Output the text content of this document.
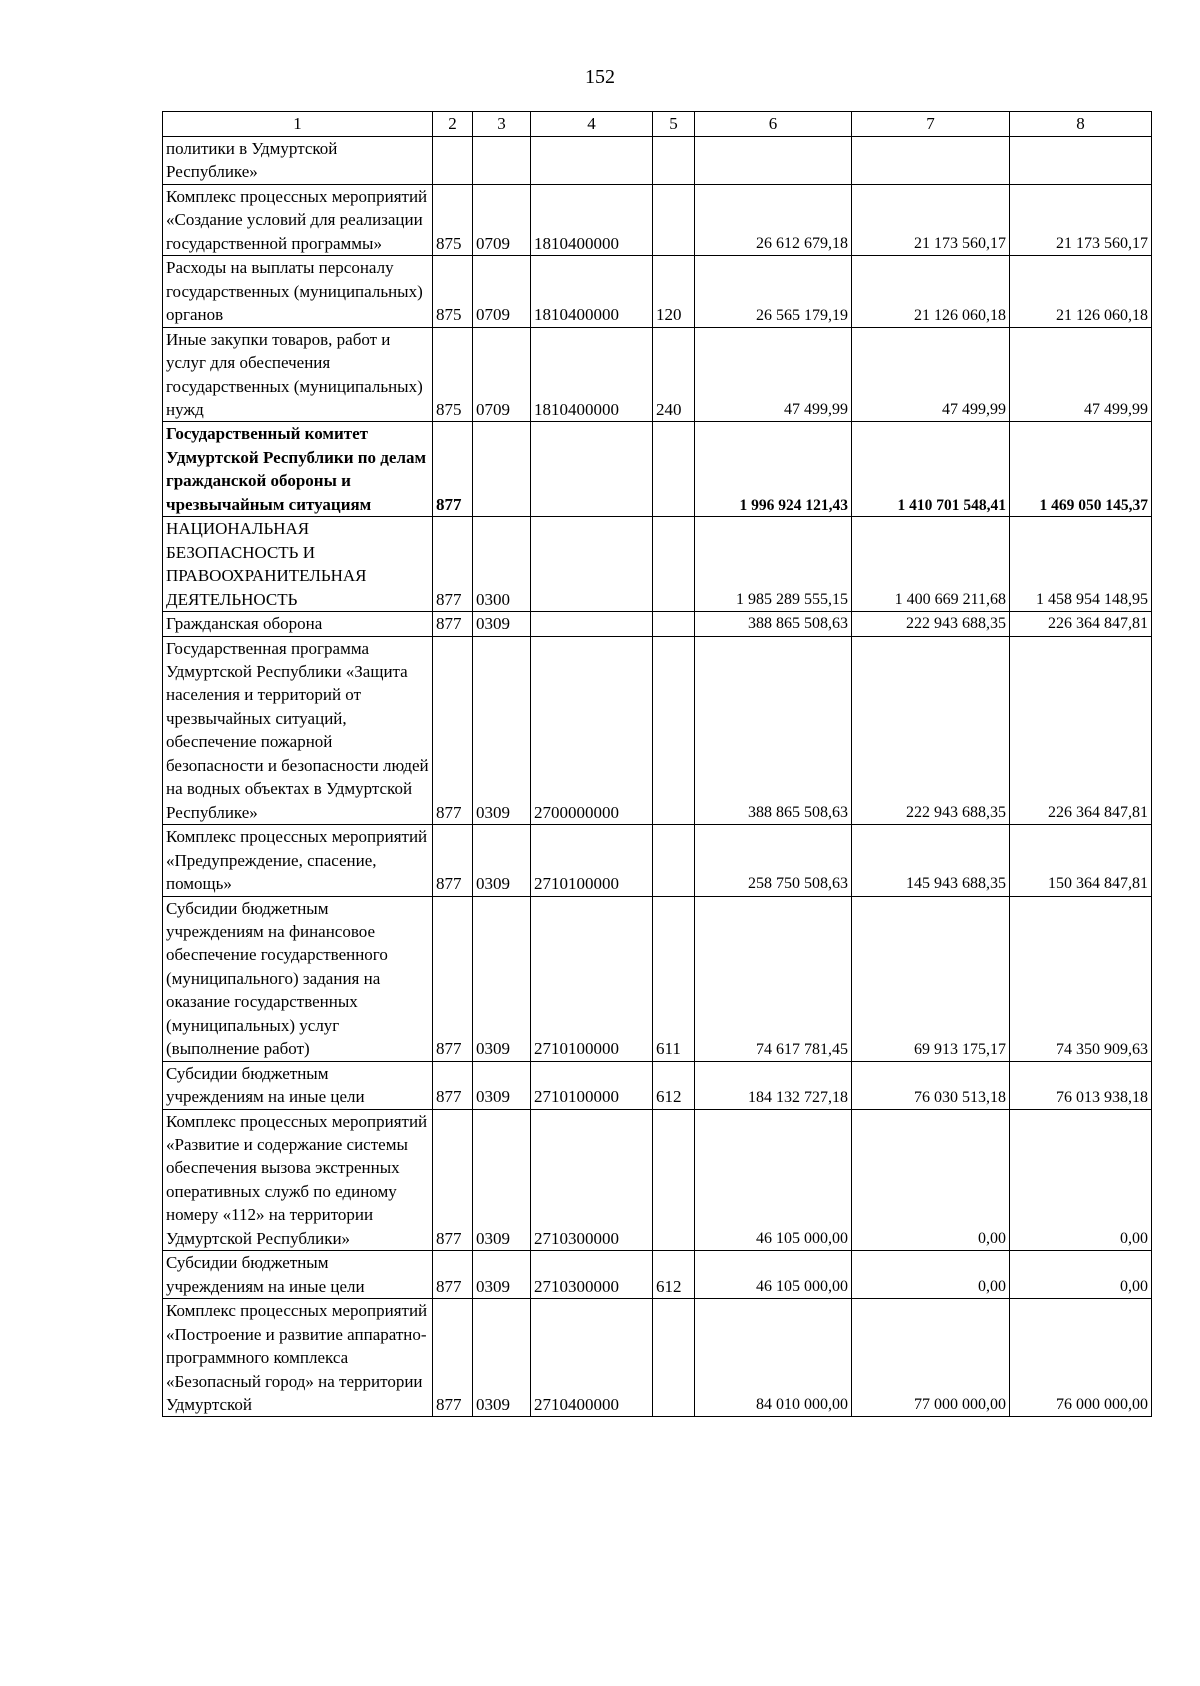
152
1	2	3	4	5	6	7	8
политики в Удмуртской Республике»							
Комплекс процессных мероприятий «Создание условий для реализации государственной программы»	875	0709	1810400000		26 612 679,18	21 173 560,17	21 173 560,17
Расходы на выплаты персоналу государственных (муниципальных) органов	875	0709	1810400000	120	26 565 179,19	21 126 060,18	21 126 060,18
Иные закупки товаров, работ и услуг для обеспечения государственных (муниципальных) нужд	875	0709	1810400000	240	47 499,99	47 499,99	47 499,99
Государственный комитет Удмуртской Республики по делам гражданской обороны и чрезвычайным ситуациям	877				1 996 924 121,43	1 410 701 548,41	1 469 050 145,37
НАЦИОНАЛЬНАЯ БЕЗОПАСНОСТЬ И ПРАВООХРАНИТЕЛЬНАЯ ДЕЯТЕЛЬНОСТЬ	877	0300			1 985 289 555,15	1 400 669 211,68	1 458 954 148,95
Гражданская оборона	877	0309			388 865 508,63	222 943 688,35	226 364 847,81
Государственная программа Удмуртской Республики «Защита населения и территорий от чрезвычайных ситуаций, обеспечение пожарной безопасности и безопасности людей на водных объектах в Удмуртской Республике»	877	0309	2700000000		388 865 508,63	222 943 688,35	226 364 847,81
Комплекс процессных мероприятий «Предупреждение, спасение, помощь»	877	0309	2710100000		258 750 508,63	145 943 688,35	150 364 847,81
Субсидии бюджетным учреждениям на финансовое обеспечение государственного (муниципального) задания на оказание государственных (муниципальных) услуг (выполнение работ)	877	0309	2710100000	611	74 617 781,45	69 913 175,17	74 350 909,63
Субсидии бюджетным учреждениям на иные цели	877	0309	2710100000	612	184 132 727,18	76 030 513,18	76 013 938,18
Комплекс процессных мероприятий «Развитие и содержание системы обеспечения вызова экстренных оперативных служб по единому номеру «112» на территории Удмуртской Республики»	877	0309	2710300000		46 105 000,00	0,00	0,00
Субсидии бюджетным учреждениям на иные цели	877	0309	2710300000	612	46 105 000,00	0,00	0,00
Комплекс процессных мероприятий «Построение и развитие аппаратно-программного комплекса «Безопасный город» на территории Удмуртской	877	0309	2710400000		84 010 000,00	77 000 000,00	76 000 000,00
